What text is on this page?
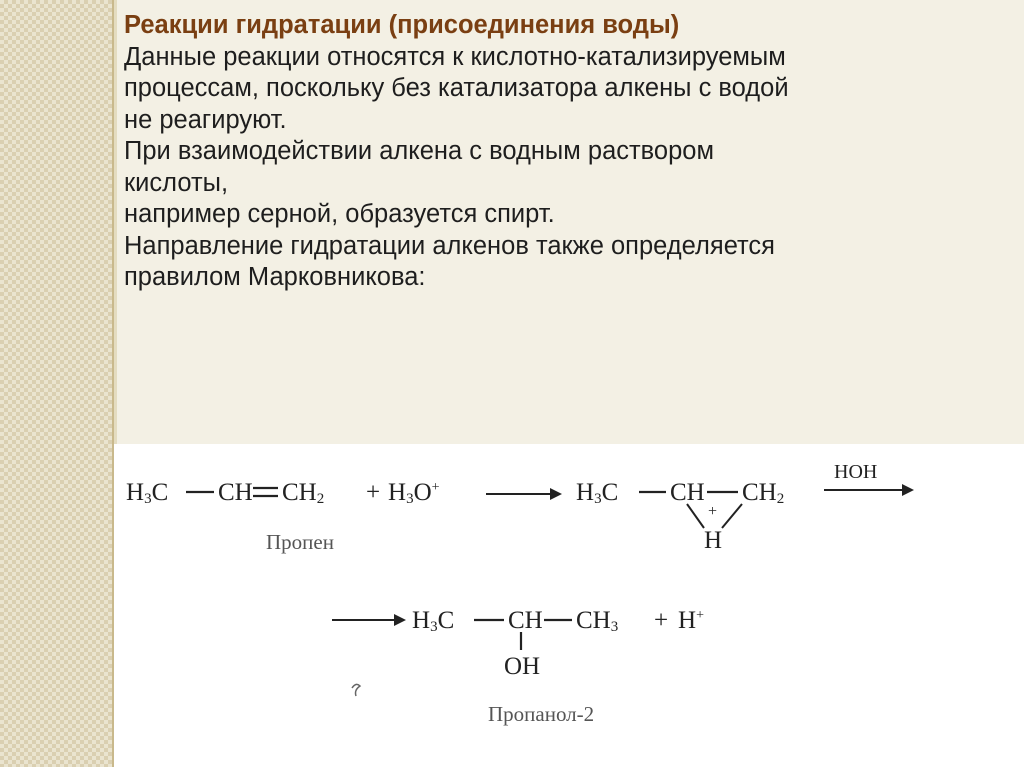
Реакции гидратации (присоединения воды)
Данные реакции относятся к кислотно-катализируемым
процессам, поскольку без катализатора алкены с водой
не реагируют.
При взаимодействии алкена с водным раствором
кислоты,
например серной, образуется спирт.
Направление гидратации алкенов также определяется
правилом Марковникова:
$H_3C$ CH $CH_2$
Пропен
+ $H_3O^+$	$H_3C$ CH $CH_2$
+
H
HOH
$H_3C$ CH $CH_3$
OH
+ H+
Пропанол-2
